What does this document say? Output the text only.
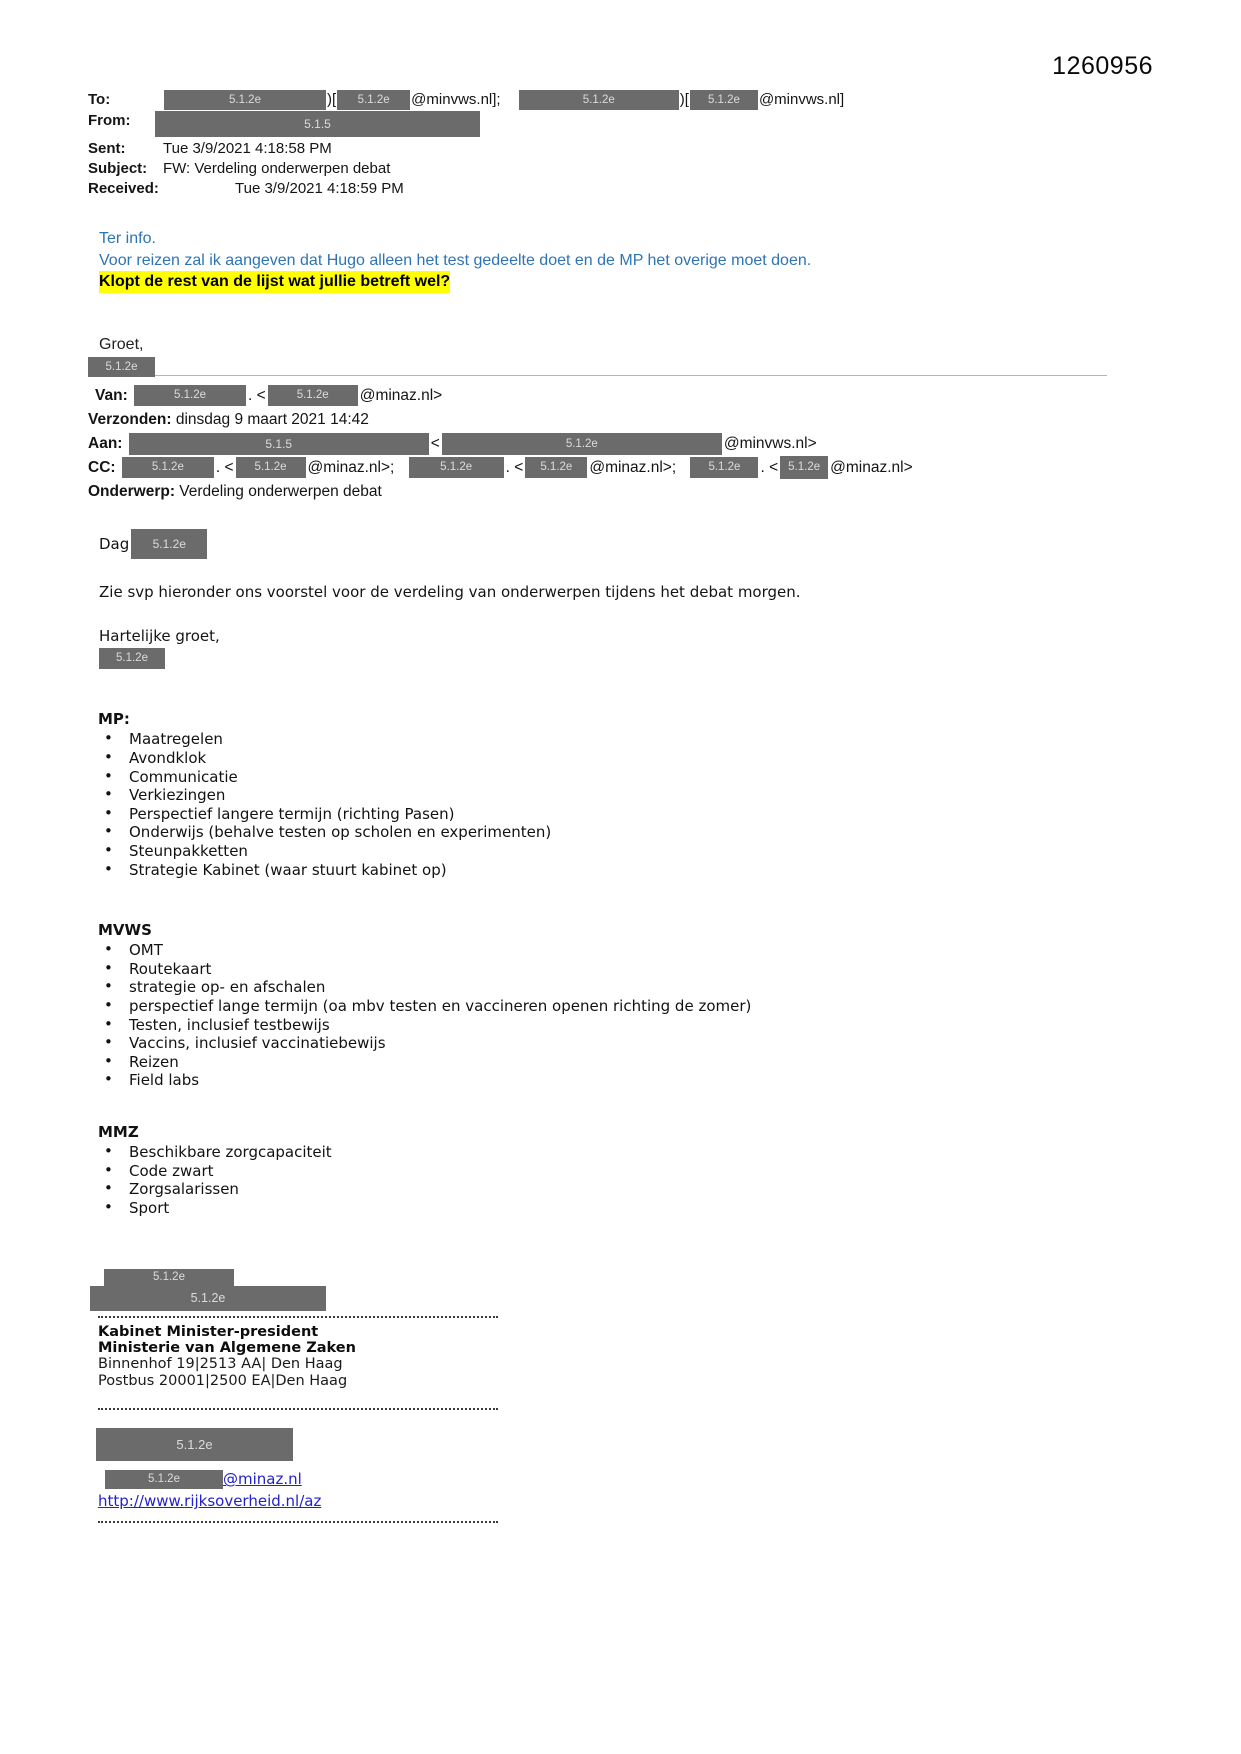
1260956
To:	5.1.2e	)[ 5.1.2e @minvws.nl];	5.1.2e	)[ 5.1.2e @minvws.nl]
From:	5.1.5
Sent:	Tue 3/9/2021 4:18:58 PM
Subject:	FW: Verdeling onderwerpen debat
Received:	Tue 3/9/2021 4:18:59 PM
Ter info.
Voor reizen zal ik aangeven dat Hugo alleen het test gedeelte doet en de MP het overige moet doen.
Klopt de rest van de lijst wat jullie betreft wel?
Groet,
5.1.2e
Van:	5.1.2e	. <	5.1.2e @minaz.nl>
Verzonden: dinsdag 9 maart 2021 14:42
Aan:	5.1.5	<	5.1.2e	@minvws.nl>
CC:	5.1.2e . < 5.1.2e @minaz.nl>;	5.1.2e . < 5.1.2e @minaz.nl>;	5.1.2e . < 5.1.2e @minaz.nl>
Onderwerp: Verdeling onderwerpen debat
Dag	5.1.2e
Zie svp hieronder ons voorstel voor de verdeling van onderwerpen tijdens het debat morgen.
Hartelijke groet,
5.1.2e
MP:
• Maatregelen
• Avondklok
• Communicatie
• Verkiezingen
• Perspectief langere termijn (richting Pasen)
• Onderwijs (behalve testen op scholen en experimenten)
• Steunpakketten
• Strategie Kabinet (waar stuurt kabinet op)
MVWS
• OMT
• Routekaart
• strategie op- en afschalen
• perspectief lange termijn (oa mbv testen en vaccineren openen richting de zomer)
• Testen, inclusief testbewijs
• Vaccins, inclusief vaccinatiebewijs
• Reizen
• Field labs
MMZ
• Beschikbare zorgcapaciteit
• Code zwart
• Zorgsalarissen
• Sport
5.1.2e
5.1.2e
Kabinet Minister-president
Ministerie van Algemene Zaken
Binnenhof 19|2513 AA| Den Haag
Postbus 20001|2500 EA|Den Haag
5.1.2e
5.1.2e	@minaz.nl
http://www.rijksoverheid.nl/az
